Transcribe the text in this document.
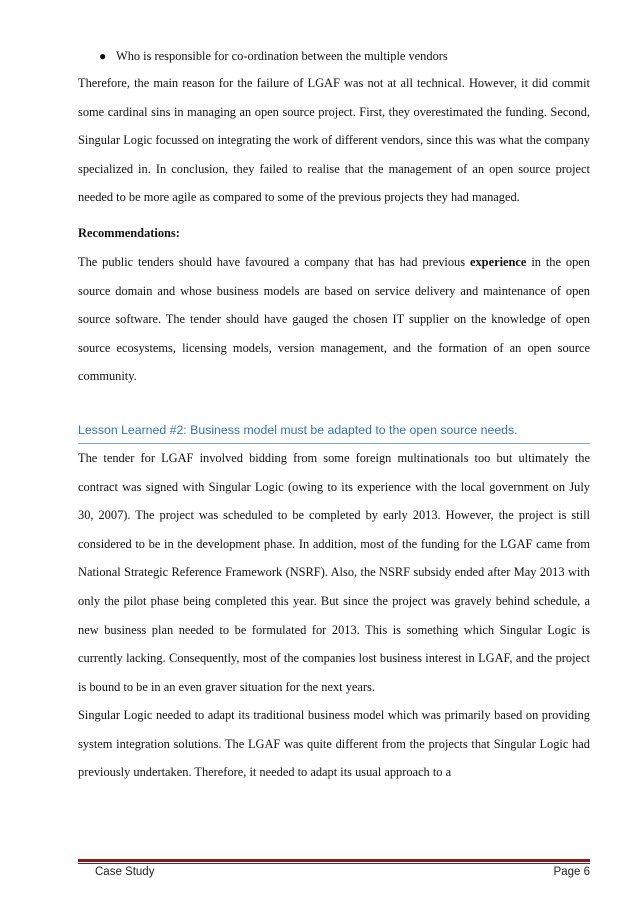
● Who is responsible for co-ordination between the multiple vendors

Therefore, the main reason for the failure of LGAF was not at all technical. However, it did commit some cardinal sins in managing an open source project. First, they overestimated the funding. Second, Singular Logic focussed on integrating the work of different vendors, since this was what the company specialized in. In conclusion, they failed to realise that the management of an open source project needed to be more agile as compared to some of the previous projects they had managed.

Recommendations:

The public tenders should have favoured a company that has had previous experience in the open source domain and whose business models are based on service delivery and maintenance of open source software. The tender should have gauged the chosen IT supplier on the knowledge of open source ecosystems, licensing models, version management, and the formation of an open source community.

Lesson Learned #2: Business model must be adapted to the open source needs.

The tender for LGAF involved bidding from some foreign multinationals too but ultimately the contract was signed with Singular Logic (owing to its experience with the local government on July 30, 2007). The project was scheduled to be completed by early 2013. However, the project is still considered to be in the development phase. In addition, most of the funding for the LGAF came from National Strategic Reference Framework (NSRF). Also, the NSRF subsidy ended after May 2013 with only the pilot phase being completed this year. But since the project was gravely behind schedule, a new business plan needed to be formulated for 2013. This is something which Singular Logic is currently lacking. Consequently, most of the companies lost business interest in LGAF, and the project is bound to be in an even graver situation for the next years.

Singular Logic needed to adapt its traditional business model which was primarily based on providing system integration solutions. The LGAF was quite different from the projects that Singular Logic had previously undertaken. Therefore, it needed to adapt its usual approach to a

Case Study	Page 6
